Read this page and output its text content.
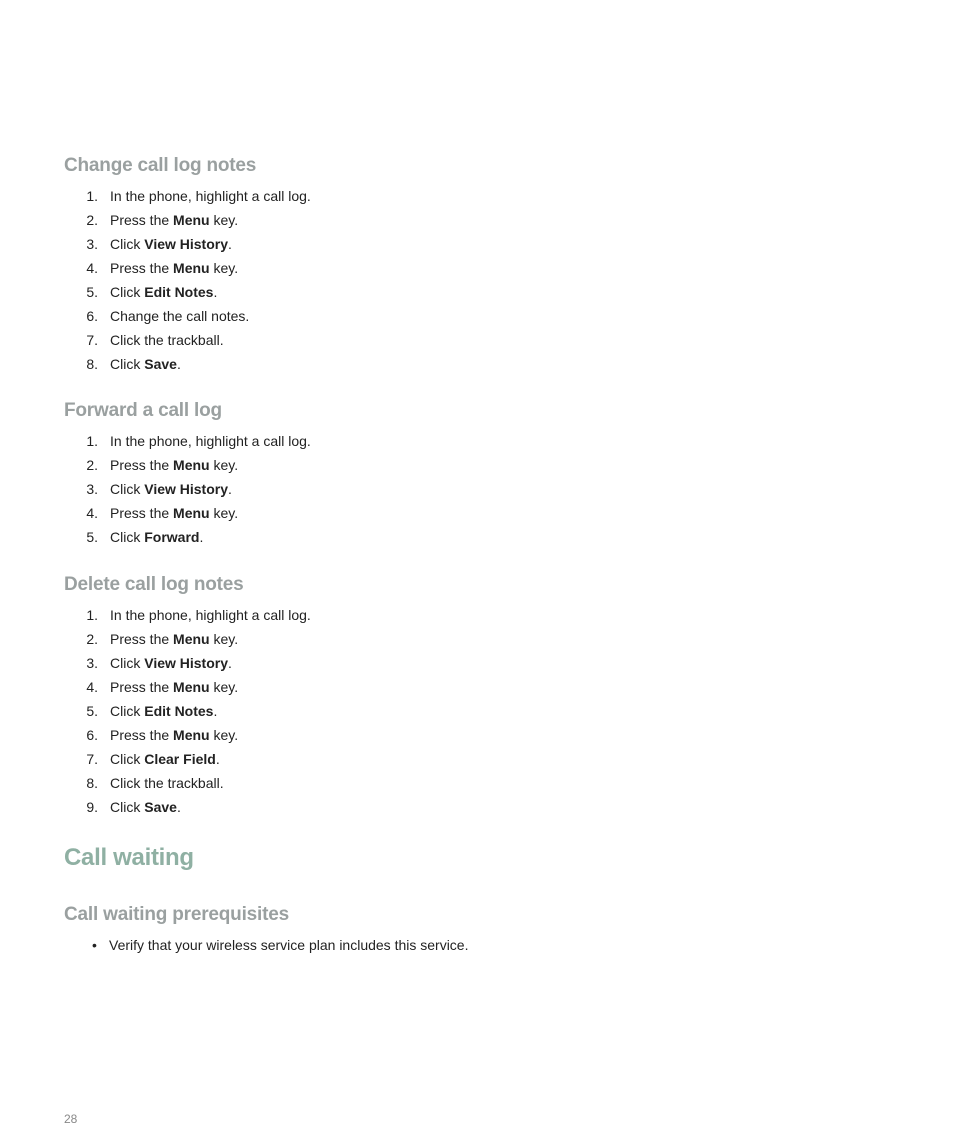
Change call log notes
1. In the phone, highlight a call log.
2. Press the Menu key.
3. Click View History.
4. Press the Menu key.
5. Click Edit Notes.
6. Change the call notes.
7. Click the trackball.
8. Click Save.
Forward a call log
1. In the phone, highlight a call log.
2. Press the Menu key.
3. Click View History.
4. Press the Menu key.
5. Click Forward.
Delete call log notes
1. In the phone, highlight a call log.
2. Press the Menu key.
3. Click View History.
4. Press the Menu key.
5. Click Edit Notes.
6. Press the Menu key.
7. Click Clear Field.
8. Click the trackball.
9. Click Save.
Call waiting
Call waiting prerequisites
• Verify that your wireless service plan includes this service.
28
